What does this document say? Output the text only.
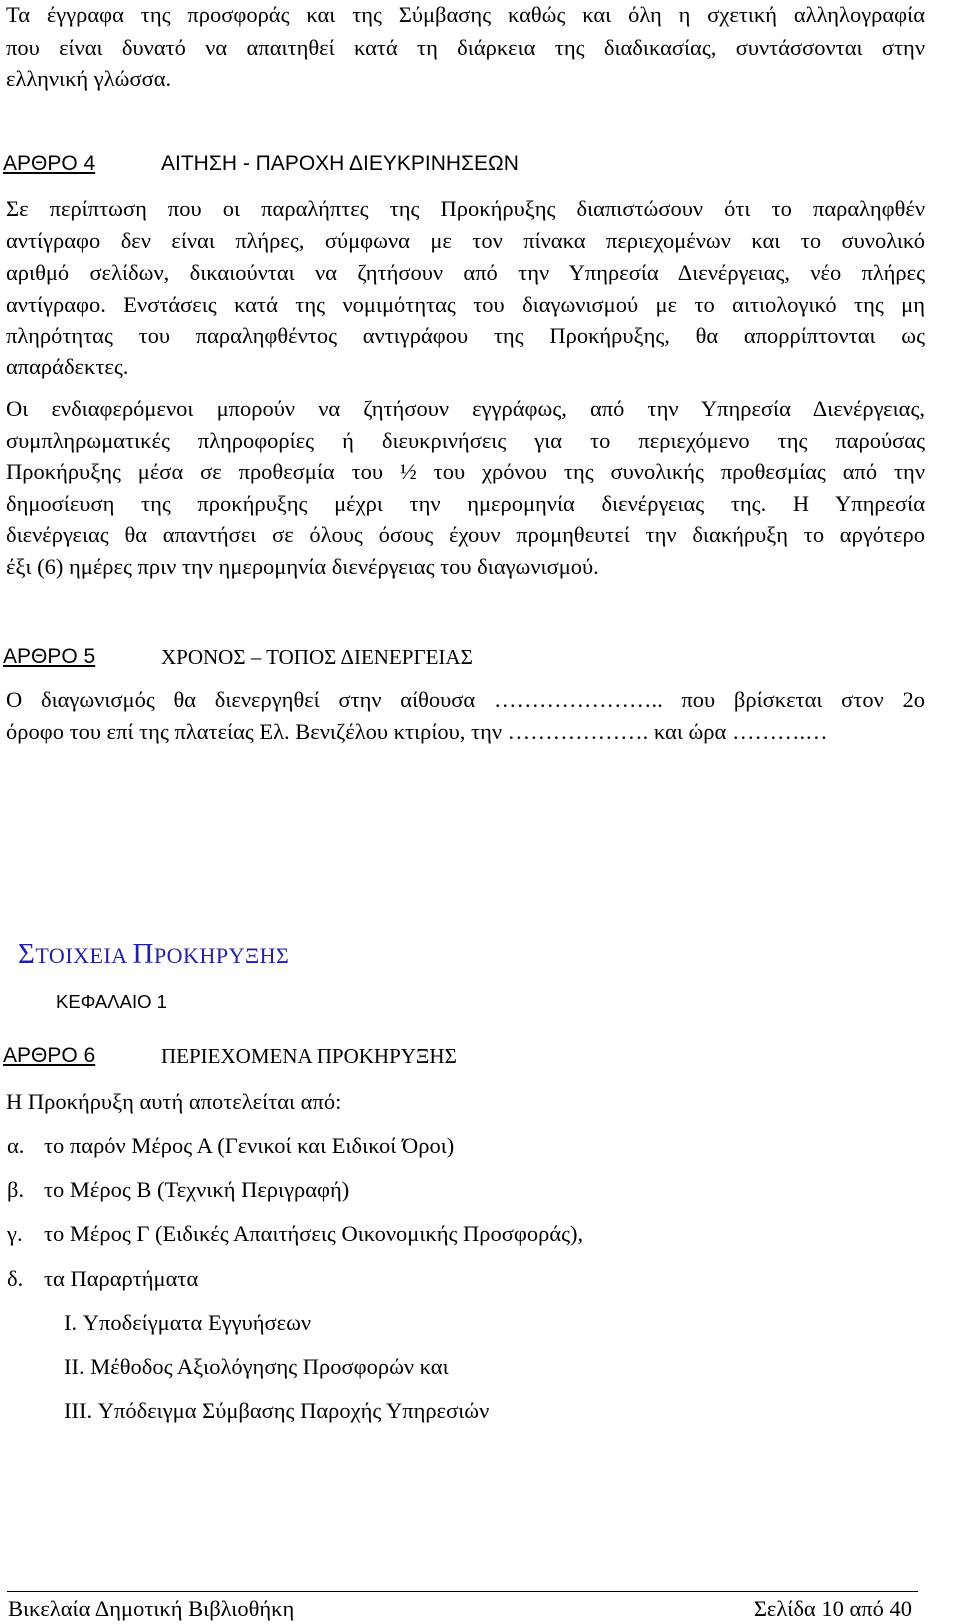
Τα έγγραφα της προσφοράς και της Σύμβασης καθώς και όλη η σχετική αλληλογραφία
που είναι δυνατό να απαιτηθεί κατά τη διάρκεια της διαδικασίας, συντάσσονται στην
ελληνική γλώσσα.
ΑΡΘΡΟ 4	ΑΙΤΗΣΗ - ΠΑΡΟΧΗ ΔΙΕΥΚΡΙΝΗΣΕΩΝ
Σε περίπτωση που οι παραλήπτες της Προκήρυξης διαπιστώσουν ότι το παραληφθέν
αντίγραφο δεν είναι πλήρες, σύμφωνα με τον πίνακα περιεχομένων και το συνολικό
αριθμό σελίδων, δικαιούνται να ζητήσουν από την Υπηρεσία Διενέργειας, νέο πλήρες
αντίγραφο. Ενστάσεις κατά της νομιμότητας του διαγωνισμού με το αιτιολογικό της μη
πληρότητας του παραληφθέντος αντιγράφου της Προκήρυξης, θα απορρίπτονται ως
απαράδεκτες.
Οι ενδιαφερόμενοι μπορούν να ζητήσουν εγγράφως, από την Υπηρεσία Διενέργειας,
συμπληρωματικές πληροφορίες ή διευκρινήσεις για το περιεχόμενο της παρούσας
Προκήρυξης μέσα σε προθεσμία του ½ του χρόνου της συνολικής προθεσμίας από την
δημοσίευση της προκήρυξης μέχρι την ημερομηνία διενέργειας της. Η Υπηρεσία
διενέργειας θα απαντήσει σε όλους όσους έχουν προμηθευτεί την διακήρυξη το αργότερο
έξι (6) ημέρες πριν την ημερομηνία διενέργειας του διαγωνισμού.
ΑΡΘΡΟ 5	ΧΡΟΝΟΣ – ΤΟΠΟΣ ΔΙΕΝΕΡΓΕΙΑΣ
Ο διαγωνισμός θα διενεργηθεί στην αίθουσα ………………….. που βρίσκεται στον 2ο
όροφο του επί της πλατείας Ελ. Βενιζέλου κτιρίου, την ………………. και ώρα ……….…
ΣΤΟΙΧΕΙΑ ΠΡΟΚΗΡΥΞΗΣ
ΚΕΦΑΛΑΙΟ 1
ΑΡΘΡΟ 6	ΠΕΡΙΕΧΟΜΕΝΑ ΠΡΟΚΗΡΥΞΗΣ
Η Προκήρυξη αυτή αποτελείται από:
α. το παρόν Μέρος Α (Γενικοί και Ειδικοί Όροι)
β. το Μέρος Β (Τεχνική Περιγραφή)
γ. το Μέρος Γ (Ειδικές Απαιτήσεις Οικονομικής Προσφοράς),
δ. τα Παραρτήματα
I. Υποδείγματα Εγγυήσεων
II. Μέθοδος Αξιολόγησης Προσφορών και
III. Υπόδειγμα Σύμβασης Παροχής Υπηρεσιών
Βικελαία Δημοτική Βιβλιοθήκη	Σελίδα 10 από 40
